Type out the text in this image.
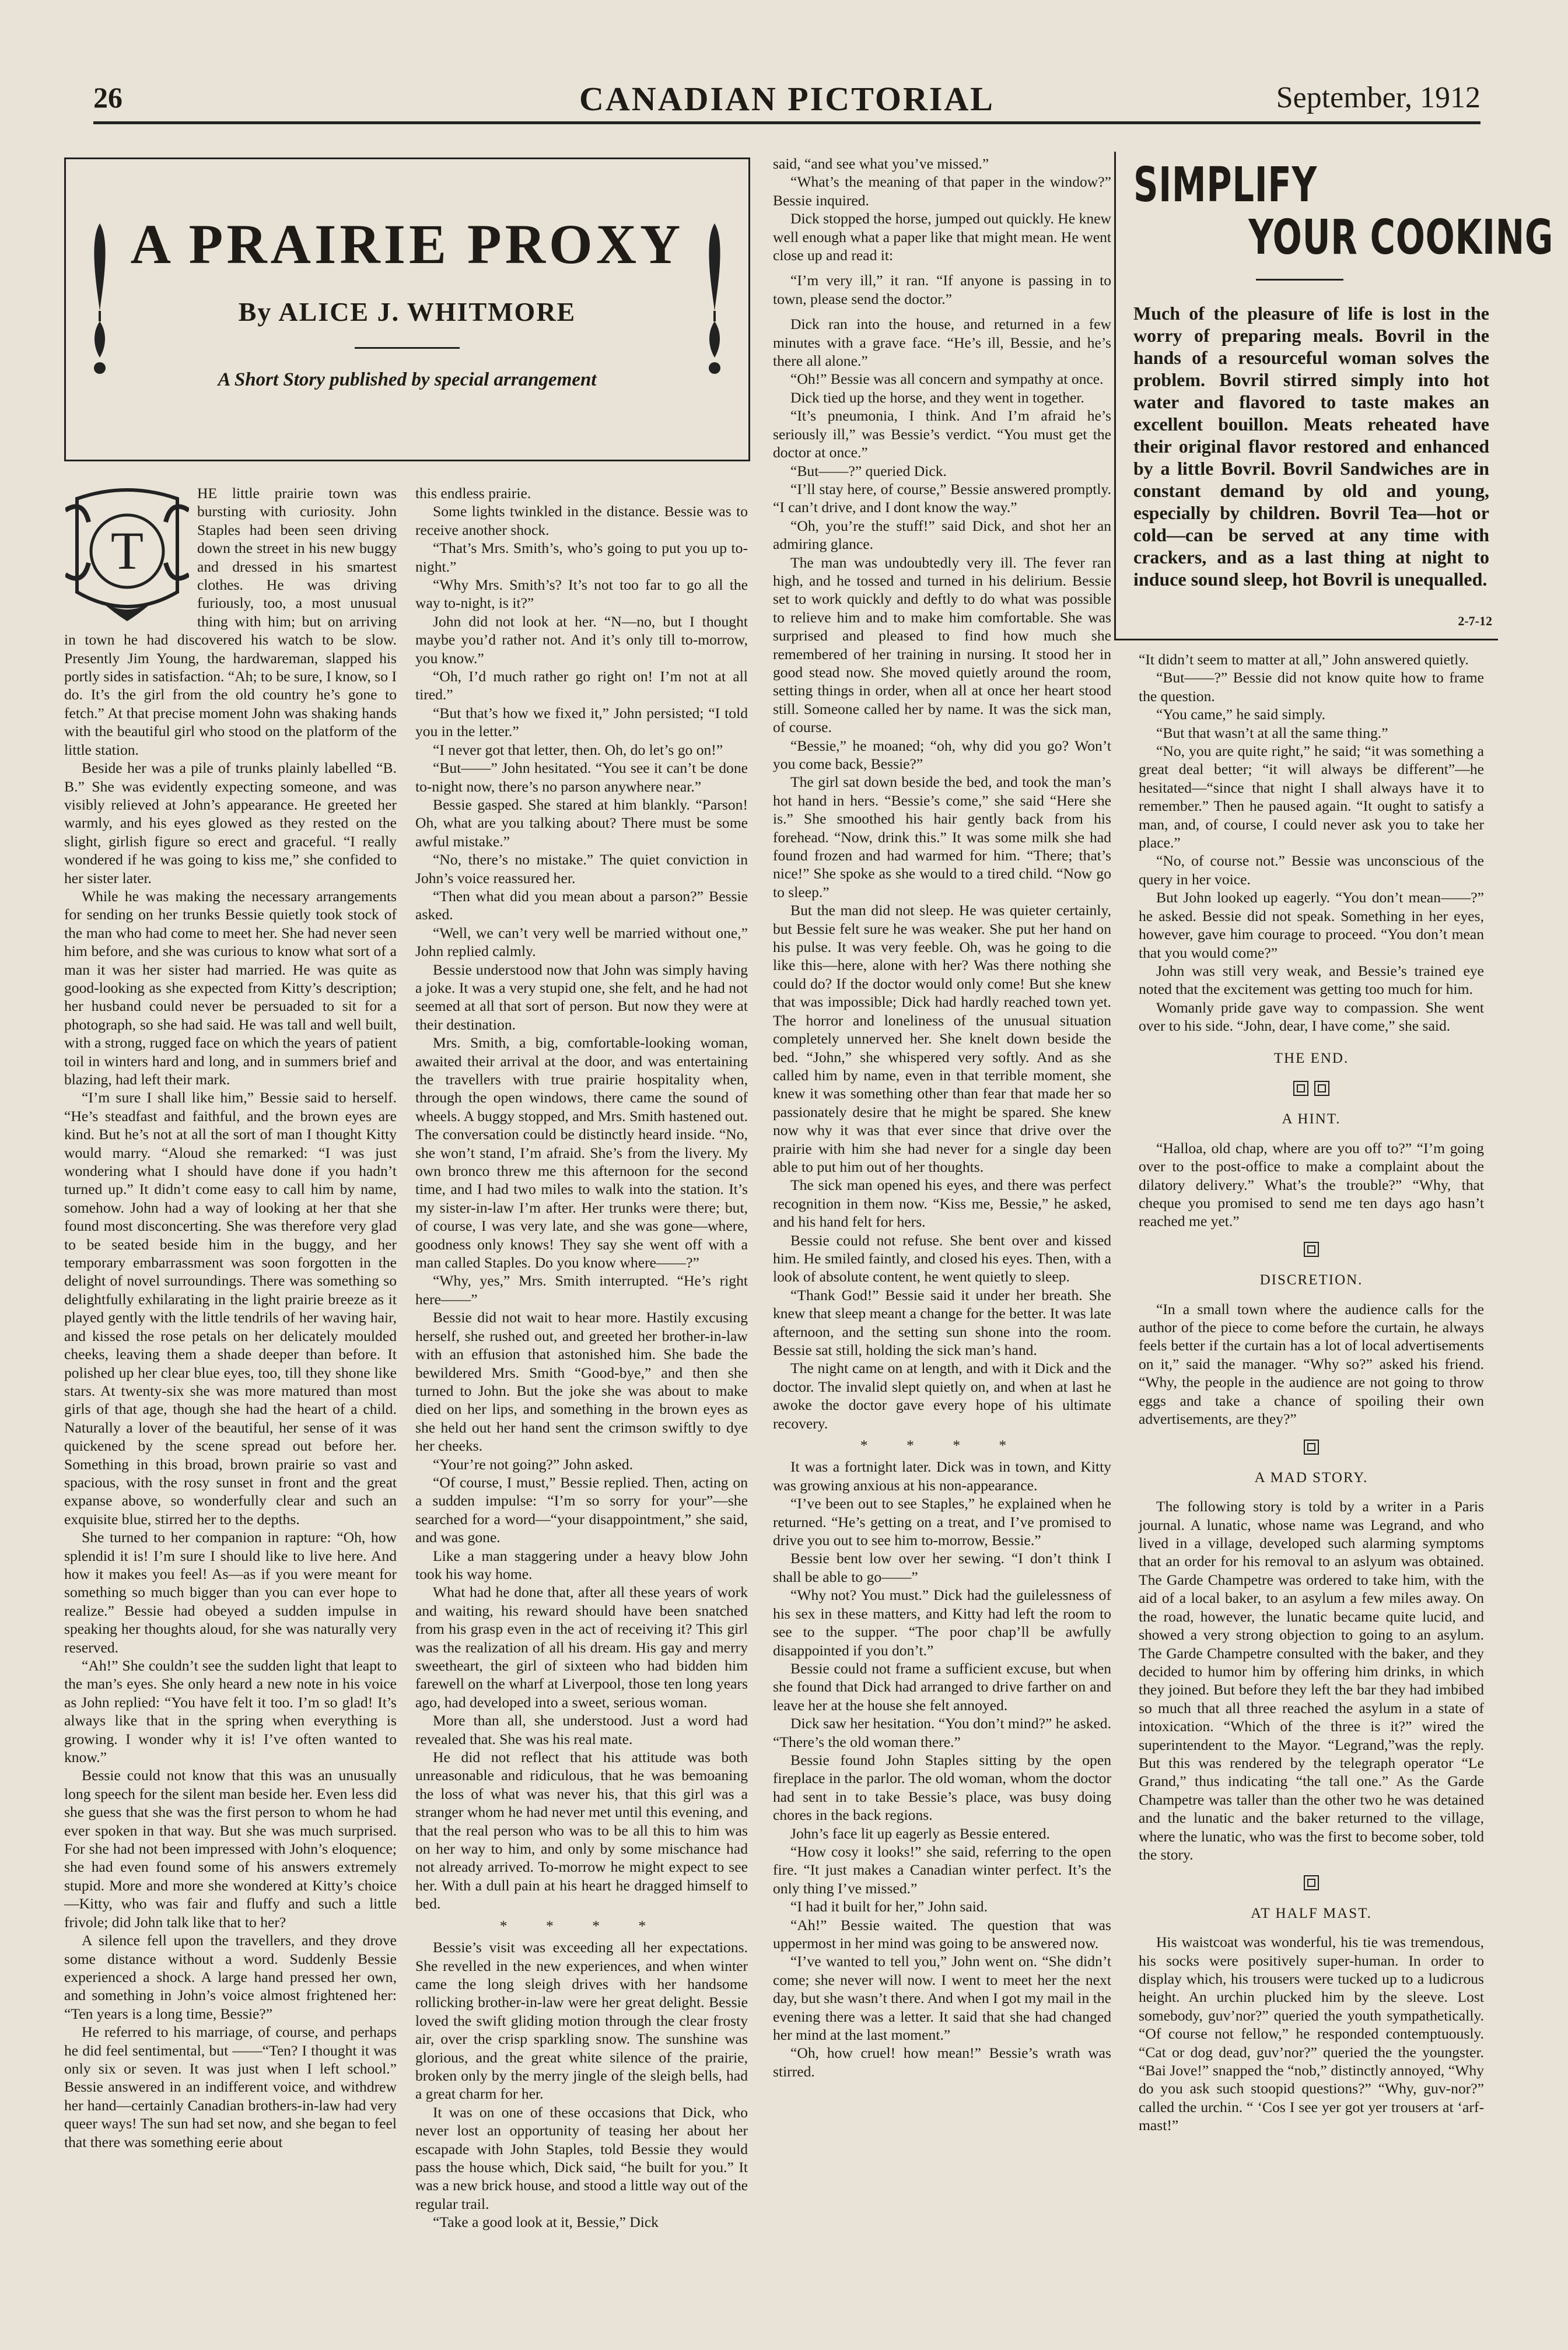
26	CANADIAN PICTORIAL	September, 1912
A PRAIRIE PROXY
By ALICE J. WHITMORE
A Short Story published by special arrangement
T

HE little prairie town was bursting with curiosity. John Staples had been seen driving down the street in his new buggy and dressed in his smartest clothes. He was driving furiously, too, a most unusual thing with him; but on arriving in town he had discovered his watch to be slow. Presently Jim Young, the hardwareman, slapped his portly sides in satisfaction. “Ah; to be sure, I know, so I do. It’s the girl from the old country he’s gone to fetch.” At that precise moment John was shaking hands with the beautiful girl who stood on the platform of the little station.

Beside her was a pile of trunks plainly labelled “B. B.” She was evidently expecting someone, and was visibly relieved at John’s appearance. He greeted her warmly, and his eyes glowed as they rested on the slight, girlish figure so erect and graceful. “I really wondered if he was going to kiss me,” she confided to her sister later.

While he was making the necessary arrangements for sending on her trunks Bessie quietly took stock of the man who had come to meet her. She had never seen him before, and she was curious to know what sort of a man it was her sister had married. He was quite as good-looking as she expected from Kitty’s description; her husband could never be persuaded to sit for a photograph, so she had said. He was tall and well built, with a strong, rugged face on which the years of patient toil in winters hard and long, and in summers brief and blazing, had left their mark.

“I’m sure I shall like him,” Bessie said to herself. “He’s steadfast and faithful, and the brown eyes are kind. But he’s not at all the sort of man I thought Kitty would marry. “Aloud she remarked: “I was just wondering what I should have done if you hadn’t turned up.” It didn’t come easy to call him by name, somehow. John had a way of looking at her that she found most disconcerting. She was therefore very glad to be seated beside him in the buggy, and her temporary embarrassment was soon forgotten in the delight of novel surroundings. There was something so delightfully exhilarating in the light prairie breeze as it played gently with the little tendrils of her waving hair, and kissed the rose petals on her delicately moulded cheeks, leaving them a shade deeper than before. It polished up her clear blue eyes, too, till they shone like stars. At twenty-six she was more matured than most girls of that age, though she had the heart of a child. Naturally a lover of the beautiful, her sense of it was quickened by the scene spread out before her. Something in this broad, brown prairie so vast and spacious, with the rosy sunset in front and the great expanse above, so wonderfully clear and such an exquisite blue, stirred her to the depths.

She turned to her companion in rapture: “Oh, how splendid it is! I’m sure I should like to live here. And how it makes you feel! As—as if you were meant for something so much bigger than you can ever hope to realize.” Bessie had obeyed a sudden impulse in speaking her thoughts aloud, for she was naturally very reserved.

“Ah!” She couldn’t see the sudden light that leapt to the man’s eyes. She only heard a new note in his voice as John replied: “You have felt it too. I’m so glad! It’s always like that in the spring when everything is growing. I wonder why it is! I’ve often wanted to know.”

Bessie could not know that this was an unusually long speech for the silent man beside her. Even less did she guess that she was the first person to whom he had ever spoken in that way. But she was much surprised. For she had not been impressed with John’s eloquence; she had even found some of his answers extremely stupid. More and more she wondered at Kitty’s choice—Kitty, who was fair and fluffy and such a little frivole; did John talk like that to her?

A silence fell upon the travellers, and they drove some distance without a word. Suddenly Bessie experienced a shock. A large hand pressed her own, and something in John’s voice almost frightened her: “Ten years is a long time, Bessie?”

He referred to his marriage, of course, and perhaps he did feel sentimental, but ——“Ten? I thought it was only six or seven. It was just when I left school.” Bessie answered in an indifferent voice, and withdrew her hand—certainly Canadian brothers-in-law had very queer ways! The sun had set now, and she began to feel that there was something eerie about

this endless prairie.

Some lights twinkled in the distance. Bessie was to receive another shock.

“That’s Mrs. Smith’s, who’s going to put you up to-night.”

“Why Mrs. Smith’s? It’s not too far to go all the way to-night, is it?”

John did not look at her. “N—no, but I thought maybe you’d rather not. And it’s only till to-morrow, you know.”

“Oh, I’d much rather go right on! I’m not at all tired.”

“But that’s how we fixed it,” John persisted; “I told you in the letter.”

“I never got that letter, then. Oh, do let’s go on!”

“But——” John hesitated. “You see it can’t be done to-night now, there’s no parson anywhere near.”

Bessie gasped. She stared at him blankly. “Parson! Oh, what are you talking about? There must be some awful mistake.”

“No, there’s no mistake.” The quiet conviction in John’s voice reassured her.

“Then what did you mean about a parson?” Bessie asked.

“Well, we can’t very well be married without one,” John replied calmly.

Bessie understood now that John was simply having a joke. It was a very stupid one, she felt, and he had not seemed at all that sort of person. But now they were at their destination.

Mrs. Smith, a big, comfortable-looking woman, awaited their arrival at the door, and was entertaining the travellers with true prairie hospitality when, through the open windows, there came the sound of wheels. A buggy stopped, and Mrs. Smith hastened out. The conversation could be distinctly heard inside. “No, she won’t stand, I’m afraid. She’s from the livery. My own bronco threw me this afternoon for the second time, and I had two miles to walk into the station. It’s my sister-in-law I’m after. Her trunks were there; but, of course, I was very late, and she was gone—where, goodness only knows! They say she went off with a man called Staples. Do you know where——?”

“Why, yes,” Mrs. Smith interrupted. “He’s right here——”

Bessie did not wait to hear more. Hastily excusing herself, she rushed out, and greeted her brother-in-law with an effusion that astonished him. She bade the bewildered Mrs. Smith “Good-bye,” and then she turned to John. But the joke she was about to make died on her lips, and something in the brown eyes as she held out her hand sent the crimson swiftly to dye her cheeks.

“Your’re not going?” John asked.

“Of course, I must,” Bessie replied. Then, acting on a sudden impulse: “I’m so sorry for your”—she searched for a word—“your disappointment,” she said, and was gone.

Like a man staggering under a heavy blow John took his way home.

What had he done that, after all these years of work and waiting, his reward should have been snatched from his grasp even in the act of receiving it? This girl was the realization of all his dream. His gay and merry sweetheart, the girl of sixteen who had bidden him farewell on the wharf at Liverpool, those ten long years ago, had developed into a sweet, serious woman.

More than all, she understood. Just a word had revealed that. She was his real mate.

He did not reflect that his attitude was both unreasonable and ridiculous, that he was bemoaning the loss of what was never his, that this girl was a stranger whom he had never met until this evening, and that the real person who was to be all this to him was on her way to him, and only by some mischance had not already arrived. To-morrow he might expect to see her. With a dull pain at his heart he dragged himself to bed.

* * * *

Bessie’s visit was exceeding all her expectations. She revelled in the new experiences, and when winter came the long sleigh drives with her handsome rollicking brother-in-law were her great delight. Bessie loved the swift gliding motion through the clear frosty air, over the crisp sparkling snow. The sunshine was glorious, and the great white silence of the prairie, broken only by the merry jingle of the sleigh bells, had a great charm for her.

It was on one of these occasions that Dick, who never lost an opportunity of teasing her about her escapade with John Staples, told Bessie they would pass the house which, Dick said, “he built for you.” It was a new brick house, and stood a little way out of the regular trail.

“Take a good look at it, Bessie,” Dick

said, “and see what you’ve missed.”

“What’s the meaning of that paper in the window?” Bessie inquired.

Dick stopped the horse, jumped out quickly. He knew well enough what a paper like that might mean. He went close up and read it:

“I’m very ill,” it ran. “If anyone is passing in to town, please send the doctor.”

Dick ran into the house, and returned in a few minutes with a grave face. “He’s ill, Bessie, and he’s there all alone.”

“Oh!” Bessie was all concern and sympathy at once.

Dick tied up the horse, and they went in together.

“It’s pneumonia, I think. And I’m afraid he’s seriously ill,” was Bessie’s verdict. “You must get the doctor at once.”

“But——?” queried Dick.

“I’ll stay here, of course,” Bessie answered promptly. “I can’t drive, and I dont know the way.”

“Oh, you’re the stuff!” said Dick, and shot her an admiring glance.

The man was undoubtedly very ill. The fever ran high, and he tossed and turned in his delirium. Bessie set to work quickly and deftly to do what was possible to relieve him and to make him comfortable. She was surprised and pleased to find how much she remembered of her training in nursing. It stood her in good stead now. She moved quietly around the room, setting things in order, when all at once her heart stood still. Someone called her by name. It was the sick man, of course.

“Bessie,” he moaned; “oh, why did you go? Won’t you come back, Bessie?”

The girl sat down beside the bed, and took the man’s hot hand in hers. “Bessie’s come,” she said “Here she is.” She smoothed his hair gently back from his forehead. “Now, drink this.” It was some milk she had found frozen and had warmed for him. “There; that’s nice!” She spoke as she would to a tired child. “Now go to sleep.”

But the man did not sleep. He was quieter certainly, but Bessie felt sure he was weaker. She put her hand on his pulse. It was very feeble. Oh, was he going to die like this—here, alone with her? Was there nothing she could do? If the doctor would only come! But she knew that was impossible; Dick had hardly reached town yet. The horror and loneliness of the unusual situation completely unnerved her. She knelt down beside the bed. “John,” she whispered very softly. And as she called him by name, even in that terrible moment, she knew it was something other than fear that made her so passionately desire that he might be spared. She knew now why it was that ever since that drive over the prairie with him she had never for a single day been able to put him out of her thoughts.

The sick man opened his eyes, and there was perfect recognition in them now. “Kiss me, Bessie,” he asked, and his hand felt for hers.

Bessie could not refuse. She bent over and kissed him. He smiled faintly, and closed his eyes. Then, with a look of absolute content, he went quietly to sleep.

“Thank God!” Bessie said it under her breath. She knew that sleep meant a change for the better. It was late afternoon, and the setting sun shone into the room. Bessie sat still, holding the sick man’s hand.

The night came on at length, and with it Dick and the doctor. The invalid slept quietly on, and when at last he awoke the doctor gave every hope of his ultimate recovery.

* * * *

It was a fortnight later. Dick was in town, and Kitty was growing anxious at his non-appearance.

“I’ve been out to see Staples,” he explained when he returned. “He’s getting on a treat, and I’ve promised to drive you out to see him to-morrow, Bessie.”

Bessie bent low over her sewing. “I don’t think I shall be able to go——”

“Why not? You must.” Dick had the guilelessness of his sex in these matters, and Kitty had left the room to see to the supper. “The poor chap’ll be awfully disappointed if you don’t.”

Bessie could not frame a sufficient excuse, but when she found that Dick had arranged to drive farther on and leave her at the house she felt annoyed.

Dick saw her hesitation. “You don’t mind?” he asked. “There’s the old woman there.”

Bessie found John Staples sitting by the open fireplace in the parlor. The old woman, whom the doctor had sent in to take Bessie’s place, was busy doing chores in the back regions.

John’s face lit up eagerly as Bessie entered.

“How cosy it looks!” she said, referring to the open fire. “It just makes a Canadian winter perfect. It’s the only thing I’ve missed.”

“I had it built for her,” John said.

“Ah!” Bessie waited. The question that was uppermost in her mind was going to be answered now.

“I’ve wanted to tell you,” John went on. “She didn’t come; she never will now. I went to meet her the next day, but she wasn’t there. And when I got my mail in the evening there was a letter. It said that she had changed her mind at the last moment.”

“Oh, how cruel! how mean!” Bessie’s wrath was stirred.

SIMPLIFY
YOUR COOKING
Much of the pleasure of life is lost in the worry of preparing meals. Bovril in the hands of a resourceful woman solves the problem. Bovril stirred simply into hot water and flavored to taste makes an excellent bouillon. Meats reheated have their original flavor restored and enhanced by a little Bovril. Bovril Sandwiches are in constant demand by old and young, especially by children. Bovril Tea—hot or cold—can be served at any time with crackers, and as a last thing at night to induce sound sleep, hot Bovril is unequalled.
2-7-12

“It didn’t seem to matter at all,” John answered quietly.

“But——?” Bessie did not know quite how to frame the question.

“You came,” he said simply.

“But that wasn’t at all the same thing.”

“No, you are quite right,” he said; “it was something a great deal better; “it will always be different”—he hesitated—“since that night I shall always have it to remember.” Then he paused again. “It ought to satisfy a man, and, of course, I could never ask you to take her place.”

“No, of course not.” Bessie was unconscious of the query in her voice.

But John looked up eagerly. “You don’t mean——?” he asked. Bessie did not speak. Something in her eyes, however, gave him courage to proceed. “You don’t mean that you would come?”

John was still very weak, and Bessie’s trained eye noted that the excitement was getting too much for him.

Womanly pride gave way to compassion. She went over to his side. “John, dear, I have come,” she said.

THE END.

A HINT.

“Halloa, old chap, where are you off to?” “I’m going over to the post-office to make a complaint about the dilatory delivery.” What’s the trouble?” “Why, that cheque you promised to send me ten days ago hasn’t reached me yet.”

DISCRETION.

“In a small town where the audience calls for the author of the piece to come before the curtain, he always feels better if the curtain has a lot of local advertisements on it,” said the manager. “Why so?” asked his friend. “Why, the people in the audience are not going to throw eggs and take a chance of spoiling their own advertisements, are they?”

A MAD STORY.

The following story is told by a writer in a Paris journal. A lunatic, whose name was Legrand, and who lived in a village, developed such alarming symptoms that an order for his removal to an aslyum was obtained. The Garde Champetre was ordered to take him, with the aid of a local baker, to an asylum a few miles away. On the road, however, the lunatic became quite lucid, and showed a very strong objection to going to an asylum. The Garde Champetre consulted with the baker, and they decided to humor him by offering him drinks, in which they joined. But before they left the bar they had imbibed so much that all three reached the asylum in a state of intoxication. “Which of the three is it?” wired the superintendent to the Mayor. “Legrand,”was the reply. But this was rendered by the telegraph operator “Le Grand,” thus indicating “the tall one.” As the Garde Champetre was taller than the other two he was detained and the lunatic and the baker returned to the village, where the lunatic, who was the first to become sober, told the story.

AT HALF MAST.

His waistcoat was wonderful, his tie was tremendous, his socks were positively super-human. In order to display which, his trousers were tucked up to a ludicrous height. An urchin plucked him by the sleeve. Lost somebody, guv’nor?” queried the youth sympathetically. “Of course not fellow,” he responded contemptuously. “Cat or dog dead, guv’nor?” queried the the youngster. “Bai Jove!” snapped the “nob,” distinctly annoyed, “Why do you ask such stoopid questions?” “Why, guv-nor?” called the urchin. “ ‘Cos I see yer got yer trousers at ‘arf-mast!”
